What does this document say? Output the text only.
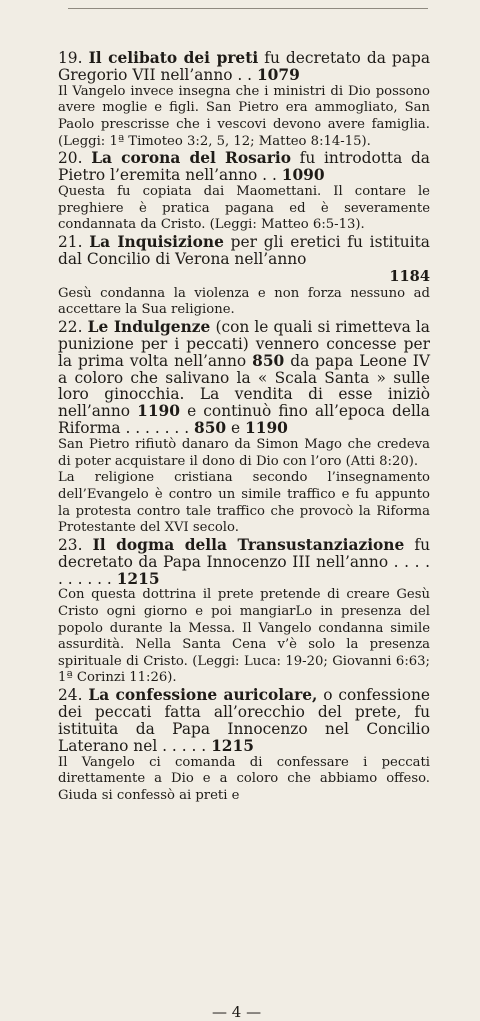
19. Il celibato dei preti fu decretato da papa Gregorio VII nell’anno . . 1079

Il Vangelo invece insegna che i ministri di Dio possono avere moglie e figli. San Pietro era ammogliato, San Paolo prescrisse che i vescovi devono avere famiglia. (Leggi: 1ª Timoteo 3:2, 5, 12; Matteo 8:14-15).

20. La corona del Rosario fu introdotta da Pietro l’eremita nell’anno . . 1090

Questa fu copiata dai Maomettani. Il contare le preghiere è pratica pagana ed è severamente condannata da Cristo. (Leggi: Matteo 6:5-13).

21. La Inquisizione per gli eretici fu istituita dal Concilio di Verona nell’anno

1184

Gesù condanna la violenza e non forza nessuno ad accettare la Sua religione.

22. Le Indulgenze (con le quali si rimetteva la punizione per i peccati) vennero concesse per la prima volta nell’anno 850 da papa Leone IV a coloro che salivano la « Scala Santa » sulle loro ginocchia. La vendita di esse iniziò nell’anno 1190 e continuò fino all’epoca della Riforma . . . . . . . 850 e 1190

San Pietro rifiutò danaro da Simon Mago che credeva di poter acquistare il dono di Dio con l’oro (Atti 8:20).

La religione cristiana secondo l’insegnamento dell’Evangelo è contro un simile traffico e fu appunto la protesta contro tale traffico che provocò la Riforma Protestante del XVI secolo.

23. Il dogma della Transustanziazione fu decretato da Papa Innocenzo III nell’anno . . . . . . . . . . 1215

Con questa dottrina il prete pretende di creare Gesù Cristo ogni giorno e poi mangiarLo in presenza del popolo durante la Messa. Il Vangelo condanna simile assurdità. Nella Santa Cena v’è solo la presenza spirituale di Cristo. (Leggi: Luca: 19-20; Giovanni 6:63; 1ª Corinzi 11:26).

24. La confessione auricolare, o confessione dei peccati fatta all’orecchio del prete, fu istituita da Papa Innocenzo nel Concilio Laterano nel . . . . . 1215

Il Vangelo ci comanda di confessare i peccati direttamente a Dio e a coloro che abbiamo offeso. Giuda si confessò ai preti e

— 4 —
